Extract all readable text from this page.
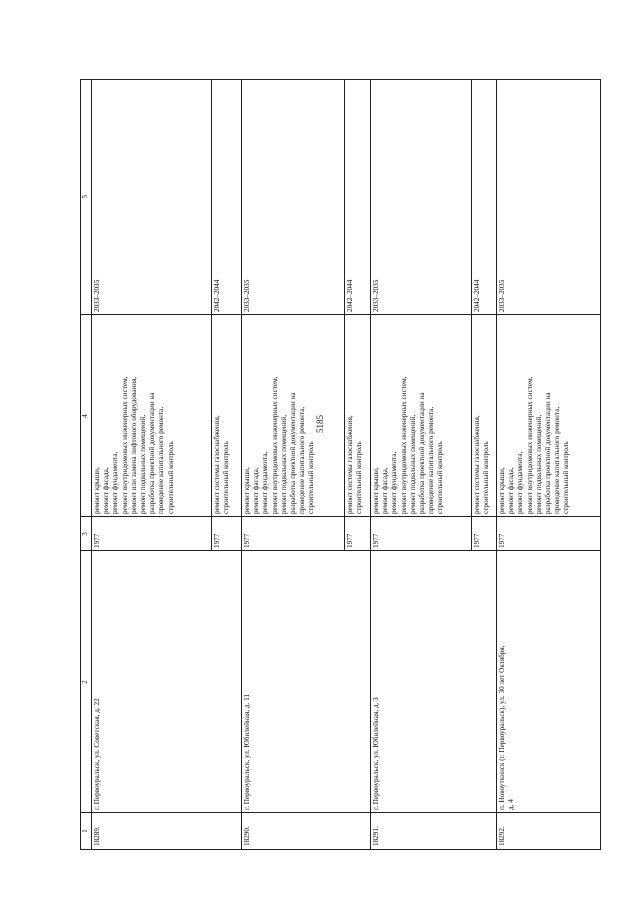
5185
1
2
3
4
5
18289.
г. Первоуральск, ул. Советская, д. 22
1977
ремонт крыши,
ремонт фасада,
ремонт фундамента,
ремонт внутридомовых инженерных систем,
ремонт или замена лифтового оборудования,
ремонт подвальных помещений,
разработка проектной документации на
проведение капитального ремонта,
строительный контроль
2033–2035
1977
ремонт системы газоснабжения,
строительный контроль
2042–2044
18290.
г. Первоуральск, ул. Юбилейная, д. 11
1977
ремонт крыши,
ремонт фасада,
ремонт фундамента,
ремонт внутридомовых инженерных систем,
ремонт подвальных помещений,
разработка проектной документации на
проведение капитального ремонта,
строительный контроль
2033–2035
1977
ремонт системы газоснабжения,
строительный контроль
2042–2044
18291.
г. Первоуральск, ул. Юбилейная, д. 3
1977
ремонт крыши,
ремонт фасада,
ремонт фундамента,
ремонт внутридомовых инженерных систем,
ремонт подвальных помещений,
разработка проектной документации на
проведение капитального ремонта,
строительный контроль
2033–2035
1977
ремонт системы газоснабжения,
строительный контроль
2042–2044
18292.
п. Новоуткинск (г. Первоуральск), ул. 30 лет Октября,
д. 4
1977
ремонт крыши,
ремонт фасада,
ремонт фундамента,
ремонт внутридомовых инженерных систем,
ремонт подвальных помещений,
разработка проектной документации на
проведение капитального ремонта,
строительный контроль
2033–2035
